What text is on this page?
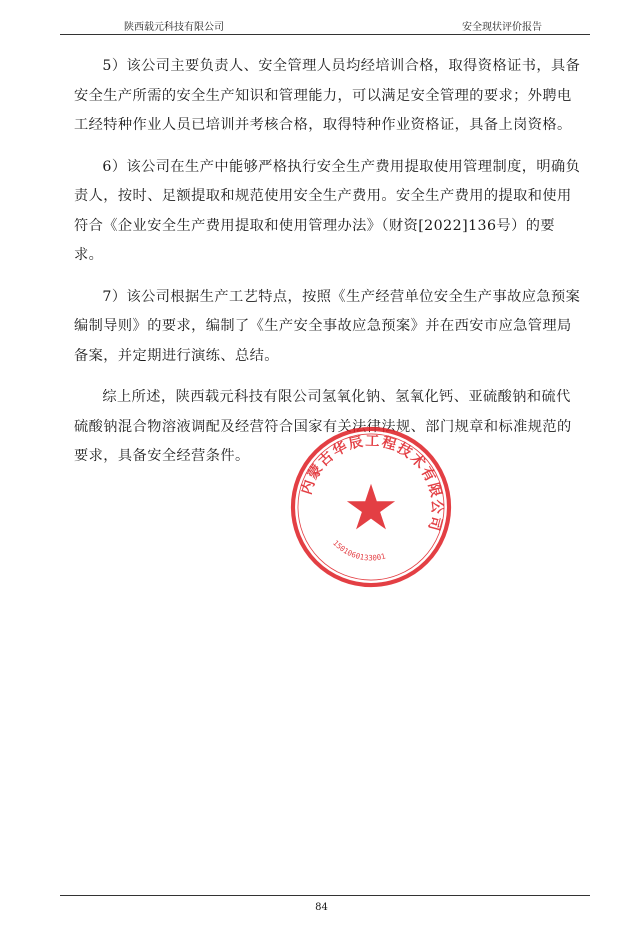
陕西载元科技有限公司	安全现状评价报告

5）该公司主要负责人、安全管理人员均经培训合格，取得资格证书，具备安全生产所需的安全生产知识和管理能力，可以满足安全管理的要求；外聘电工经特种作业人员已培训并考核合格，取得特种作业资格证，具备上岗资格。

6）该公司在生产中能够严格执行安全生产费用提取使用管理制度，明确负责人，按时、足额提取和规范使用安全生产费用。安全生产费用的提取和使用符合《企业安全生产费用提取和使用管理办法》（财资[2022]136号）的要求。

7）该公司根据生产工艺特点，按照《生产经营单位安全生产事故应急预案编制导则》的要求，编制了《生产安全事故应急预案》并在西安市应急管理局备案，并定期进行演练、总结。

综上所述，陕西载元科技有限公司氢氧化钠、氢氧化钙、亚硫酸钠和硫代硫酸钠混合物溶液调配及经营符合国家有关法律法规、部门规章和标准规范的要求，具备安全经营条件。

内蒙古华辰工程技术有限公司
1501060133001
84
